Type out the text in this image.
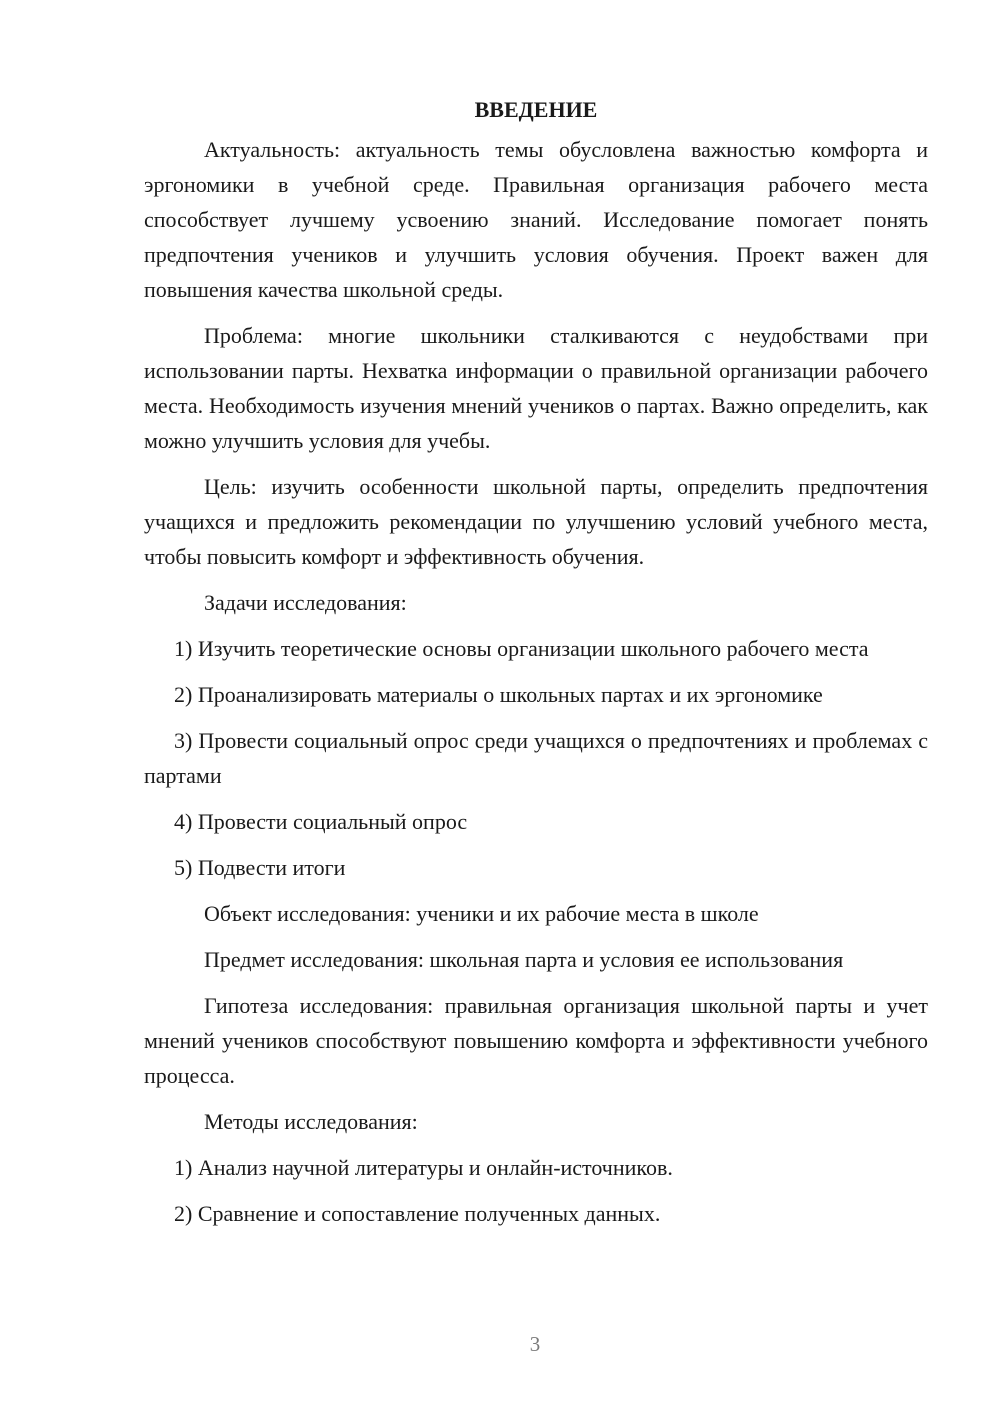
ВВЕДЕНИЕ

Актуальность: актуальность темы обусловлена важностью комфорта и эргономики в учебной среде. Правильная организация рабочего места способствует лучшему усвоению знаний. Исследование помогает понять предпочтения учеников и улучшить условия обучения. Проект важен для повышения качества школьной среды.

Проблема: многие школьники сталкиваются с неудобствами при использовании парты. Нехватка информации о правильной организации рабочего места. Необходимость изучения мнений учеников о партах. Важно определить, как можно улучшить условия для учебы.

Цель: изучить особенности школьной парты, определить предпочтения учащихся и предложить рекомендации по улучшению условий учебного места, чтобы повысить комфорт и эффективность обучения.

Задачи исследования:

1) Изучить теоретические основы организации школьного рабочего места

2) Проанализировать материалы о школьных партах и их эргономике

3) Провести социальный опрос среди учащихся о предпочтениях и проблемах с партами

4) Провести социальный опрос

5) Подвести итоги

Объект исследования: ученики и их рабочие места в школе

Предмет исследования: школьная парта и условия ее использования

Гипотеза исследования: правильная организация школьной парты и учет мнений учеников способствуют повышению комфорта и эффективности учебного процесса.

Методы исследования:

1) Анализ научной литературы и онлайн-источников.

2) Сравнение и сопоставление полученных данных.

3
